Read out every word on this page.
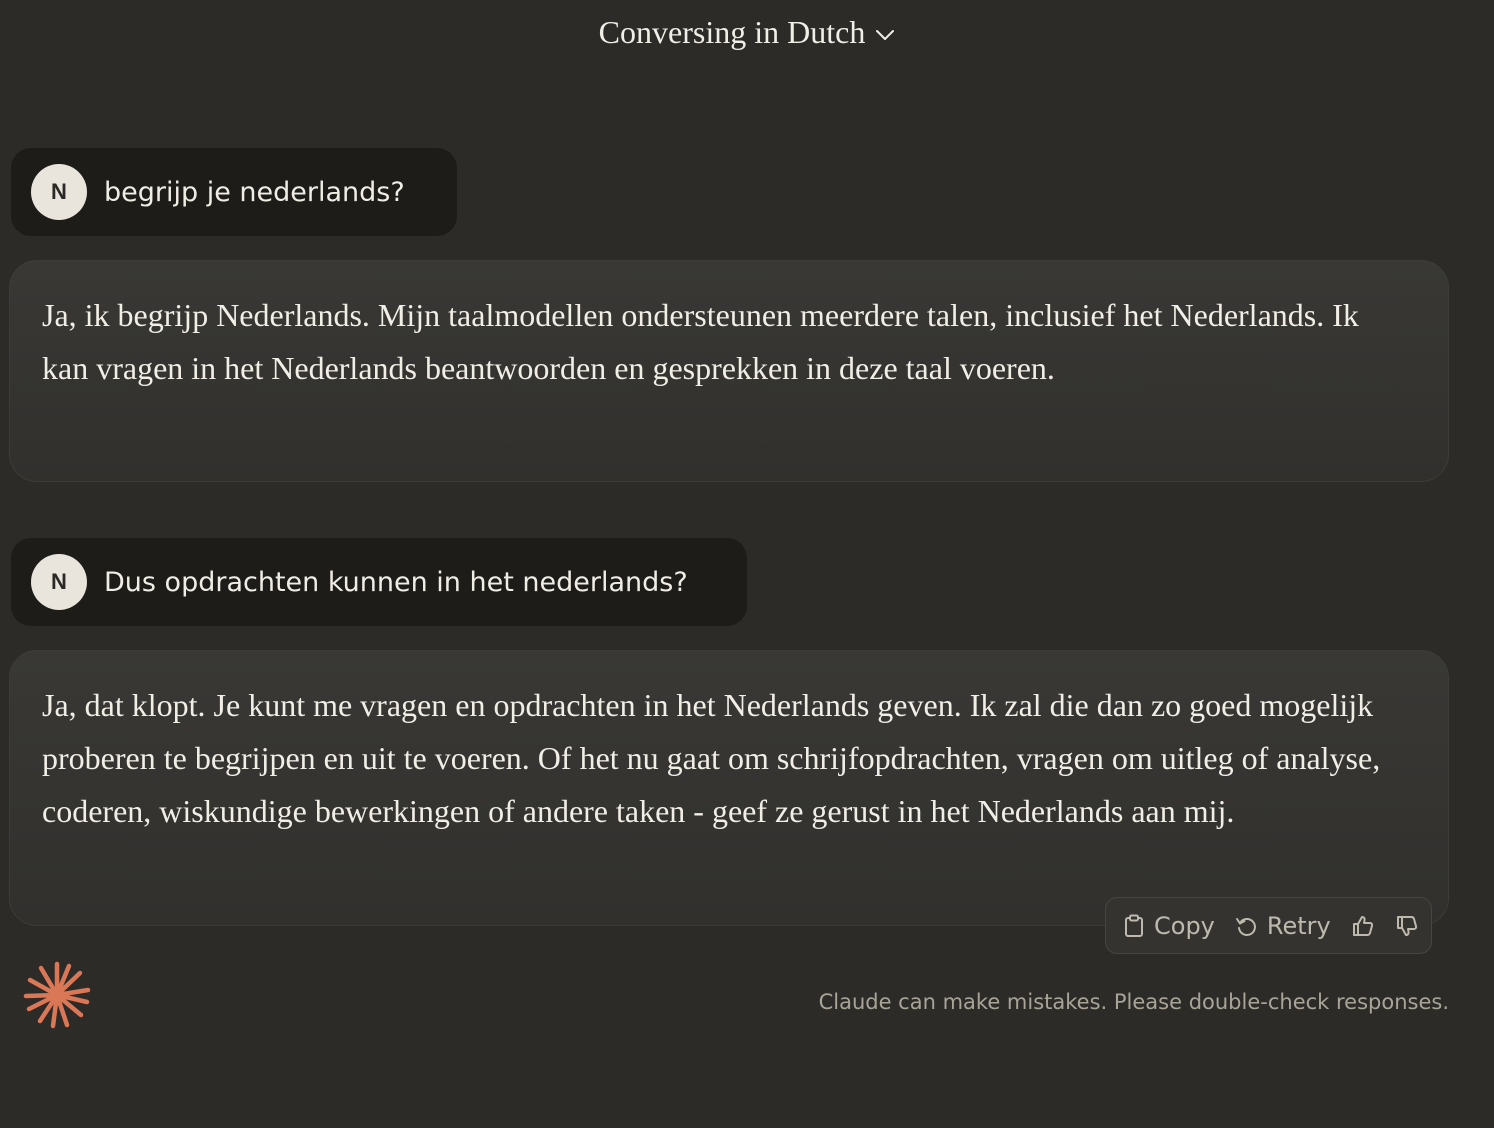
Conversing in Dutch
N	begrijp je nederlands?

Ja, ik begrijp Nederlands. Mijn taalmodellen ondersteunen meerdere talen, inclusief het Nederlands. Ik kan vragen in het Nederlands beantwoorden en gesprekken in deze taal voeren.

N	Dus opdrachten kunnen in het nederlands?

Ja, dat klopt. Je kunt me vragen en opdrachten in het Nederlands geven. Ik zal die dan zo goed mogelijk proberen te begrijpen en uit te voeren. Of het nu gaat om schrijfopdrachten, vragen om uitleg of analyse, coderen, wiskundige bewerkingen of andere taken - geef ze gerust in het Nederlands aan mij.

Copy Retry
Claude can make mistakes. Please double-check responses.
